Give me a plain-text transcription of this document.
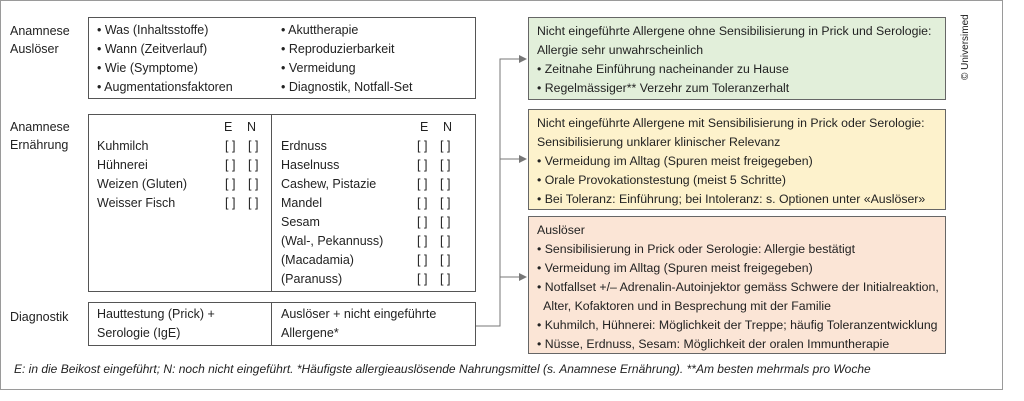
Anamnese
Auslöser
Anamnese
Ernährung
Diagnostik
• Was (Inhaltsstoffe)
• Wann (Zeitverlauf)
• Wie (Symptome)
• Augmentationsfaktoren
• Akuttherapie
• Reproduzierbarkeit
• Vermeidung
• Diagnostik, Notfall-Set
E N	E N
Kuhmilch	[ ] [ ]
Hühnerei	[ ] [ ]
Weizen (Gluten)	[ ] [ ]
Weisser Fisch	[ ] [ ]
Erdnuss	[ ] [ ]
Haselnuss	[ ] [ ]
Cashew, Pistazie	[ ] [ ]
Mandel	[ ] [ ]
Sesam	[ ] [ ]
(Wal-, Pekannuss)	[ ] [ ]
(Macadamia)	[ ] [ ]
(Paranuss)	[ ] [ ]
Hauttestung (Prick) +
Serologie (IgE)
Auslöser + nicht eingeführte
Allergene*
Nicht eingeführte Allergene ohne Sensibilisierung in Prick und Serologie:
Allergie sehr unwahrscheinlich
• Zeitnahe Einführung nacheinander zu Hause
• Regelmässiger** Verzehr zum Toleranzerhalt
Nicht eingeführte Allergene mit Sensibilisierung in Prick oder Serologie:
Sensibilisierung unklarer klinischer Relevanz
• Vermeidung im Alltag (Spuren meist freigegeben)
• Orale Provokationstestung (meist 5 Schritte)
• Bei Toleranz: Einführung; bei Intoleranz: s. Optionen unter «Auslöser»
Auslöser
• Sensibilisierung in Prick oder Serologie: Allergie bestätigt
• Vermeidung im Alltag (Spuren meist freigegeben)
• Notfallset +/– Adrenalin-Autoinjektor gemäss Schwere der Initialreaktion,
Alter, Kofaktoren und in Besprechung mit der Familie
• Kuhmilch, Hühnerei: Möglichkeit der Treppe; häufig Toleranzentwicklung
• Nüsse, Erdnuss, Sesam: Möglichkeit der oralen Immuntherapie
© Universimed
E: in die Beikost eingeführt; N: noch nicht eingeführt. *Häufigste allergieauslösende Nahrungsmittel (s. Anamnese Ernährung). **Am besten mehrmals pro Woche
